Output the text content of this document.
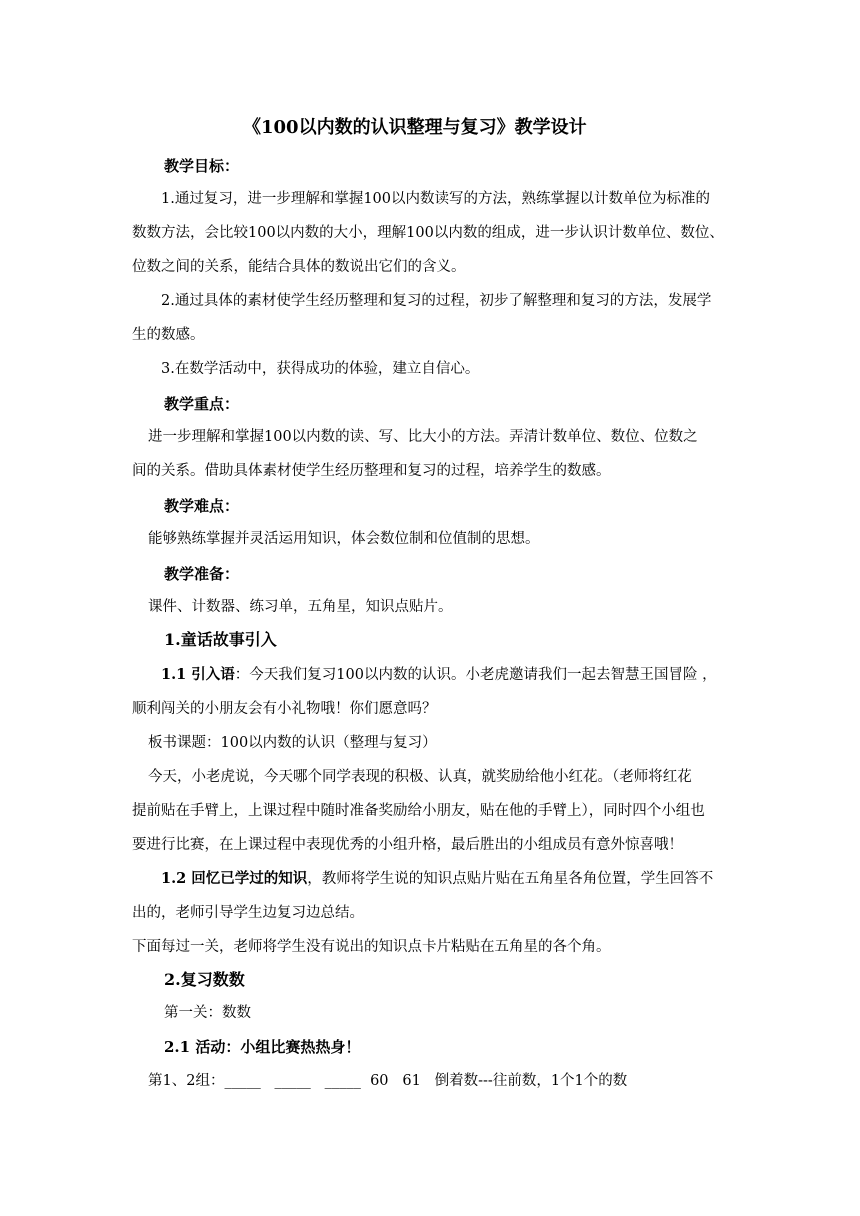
《100以内数的认识整理与复习》教学设计
教学目标：
1.通过复习，进一步理解和掌握100以内数读写的方法，熟练掌握以计数单位为标准的
数数方法，会比较100以内数的大小，理解100以内数的组成，进一步认识计数单位、数位、
位数之间的关系，能结合具体的数说出它们的含义。
2.通过具体的素材使学生经历整理和复习的过程，初步了解整理和复习的方法，发展学
生的数感。
3.在数学活动中，获得成功的体验，建立自信心。
教学重点：
进一步理解和掌握100以内数的读、写、比大小的方法。弄清计数单位、数位、位数之
间的关系。借助具体素材使学生经历整理和复习的过程，培养学生的数感。
教学难点：
能够熟练掌握并灵活运用知识，体会数位制和位值制的思想。
教学准备：
课件、计数器、练习单，五角星，知识点贴片。
1.童话故事引入
1.1 引入语：今天我们复习100以内数的认识。小老虎邀请我们一起去智慧王国冒险 ，
顺利闯关的小朋友会有小礼物哦！你们愿意吗？
板书课题：100以内数的认识（整理与复习）
今天，小老虎说，今天哪个同学表现的积极、认真，就奖励给他小红花。（老师将红花
提前贴在手臂上，上课过程中随时准备奖励给小朋友，贴在他的手臂上），同时四个小组也
要进行比赛，在上课过程中表现优秀的小组升格，最后胜出的小组成员有意外惊喜哦！
1.2 回忆已学过的知识，教师将学生说的知识点贴片贴在五角星各角位置，学生回答不
出的，老师引导学生边复习边总结。
下面每过一关，老师将学生没有说出的知识点卡片粘贴在五角星的各个角。
2.复习数数
第一关：数数
2.1 活动：小组比赛热热身！
第1、2组：_____   _____   _____  60   61   倒着数---往前数，1个1个的数
